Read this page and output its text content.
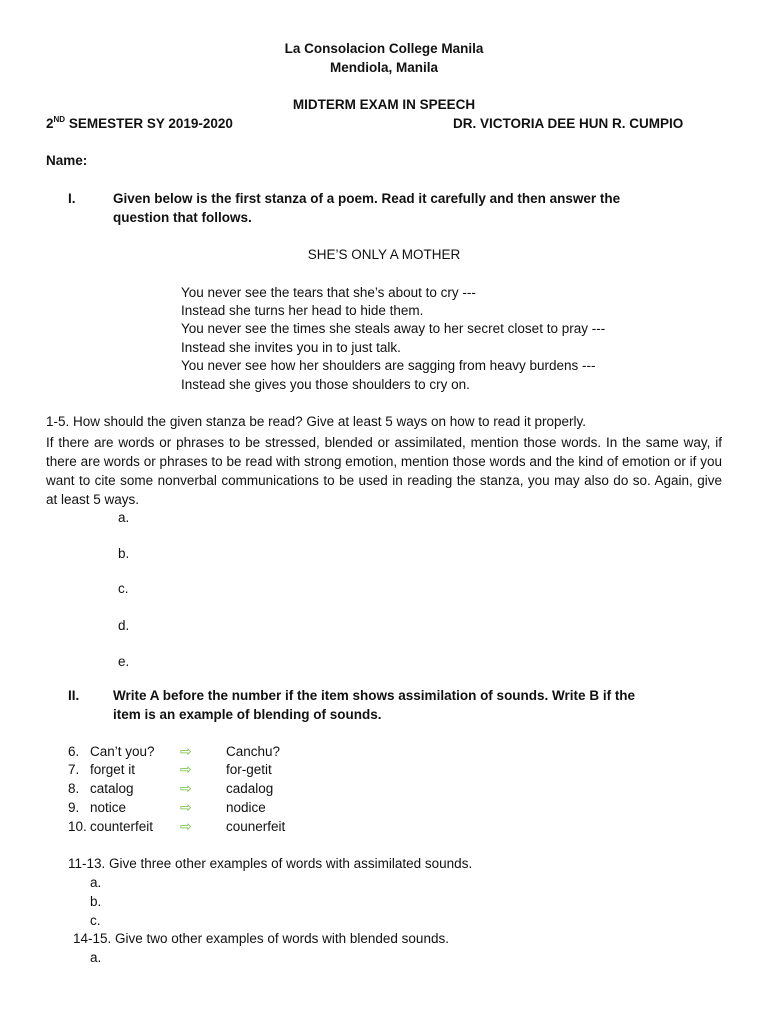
La Consolacion College Manila
Mendiola, Manila
MIDTERM EXAM IN SPEECH
2ND SEMESTER SY 2019-2020	DR. VICTORIA DEE HUN R. CUMPIO
Name:
I.	Given below is the first stanza of a poem. Read it carefully and then answer the
question that follows.
SHE’S ONLY A MOTHER
You never see the tears that she’s about to cry ---
Instead she turns her head to hide them.
You never see the times she steals away to her secret closet to pray ---
Instead she invites you in to just talk.
You never see how her shoulders are sagging from heavy burdens ---
Instead she gives you those shoulders to cry on.
1-5. How should the given stanza be read? Give at least 5 ways on how to read it properly.
If there are words or phrases to be stressed, blended or assimilated, mention those words. In the same way, if there are words or phrases to be read with strong emotion, mention those words and the kind of emotion or if you want to cite some nonverbal communications to be used in reading the stanza, you may also do so. Again, give at least 5 ways.
a.
b.
c.
d.
e.
II. Write A before the number if the item shows assimilation of sounds. Write B if the
item is an example of blending of sounds.
6. Can’t you? ⇨	Canchu?
7. forget it	⇨	for-getit
8. catalog	⇨	cadalog
9. notice	⇨	nodice
10. counterfeit ⇨	counerfeit
11-13. Give three other examples of words with assimilated sounds.
a.
b.
c.
14-15. Give two other examples of words with blended sounds.
a.
